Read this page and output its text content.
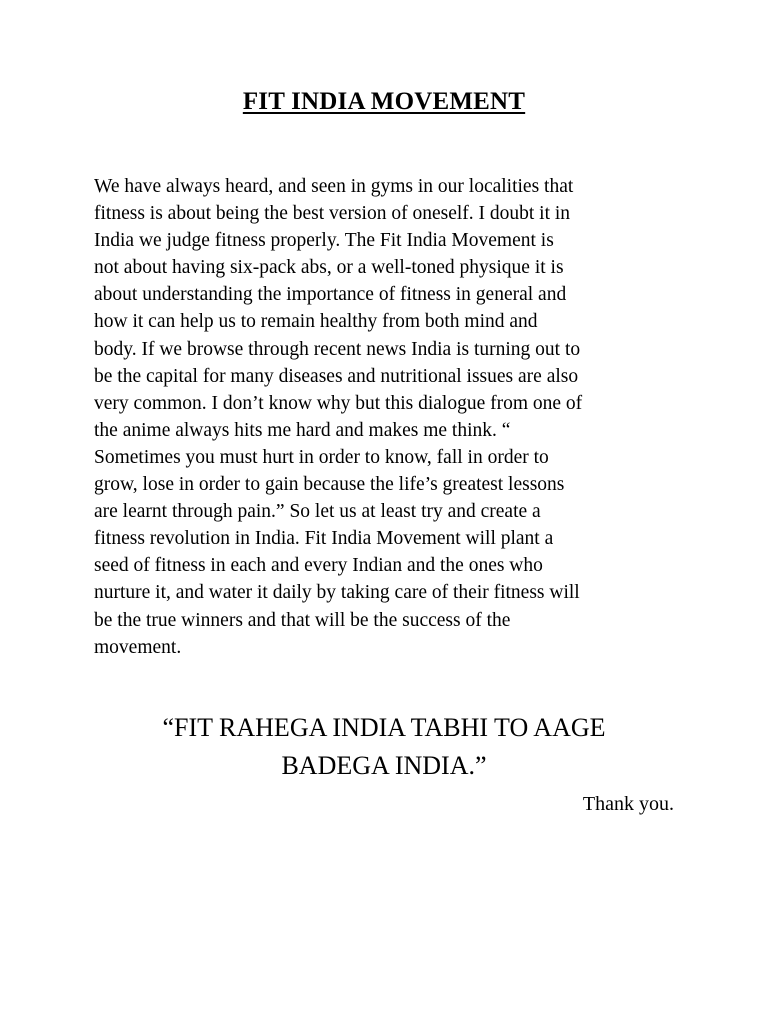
FIT INDIA MOVEMENT

We have always heard, and seen in gyms in our localities that
fitness is about being the best version of oneself. I doubt it in
India we judge fitness properly. The Fit India Movement is
not about having six-pack abs, or a well-toned physique it is
about understanding the importance of fitness in general and
how it can help us to remain healthy from both mind and
body. If we browse through recent news India is turning out to
be the capital for many diseases and nutritional issues are also
very common. I don’t know why but this dialogue from one of
the anime always hits me hard and makes me think. “
Sometimes you must hurt in order to know, fall in order to
grow, lose in order to gain because the life’s greatest lessons
are learnt through pain.” So let us at least try and create a
fitness revolution in India. Fit India Movement will plant a
seed of fitness in each and every Indian and the ones who
nurture it, and water it daily by taking care of their fitness will
be the true winners and that will be the success of the
movement.

“FIT RAHEGA INDIA TABHI TO AAGE
BADEGA INDIA.”

Thank you.
